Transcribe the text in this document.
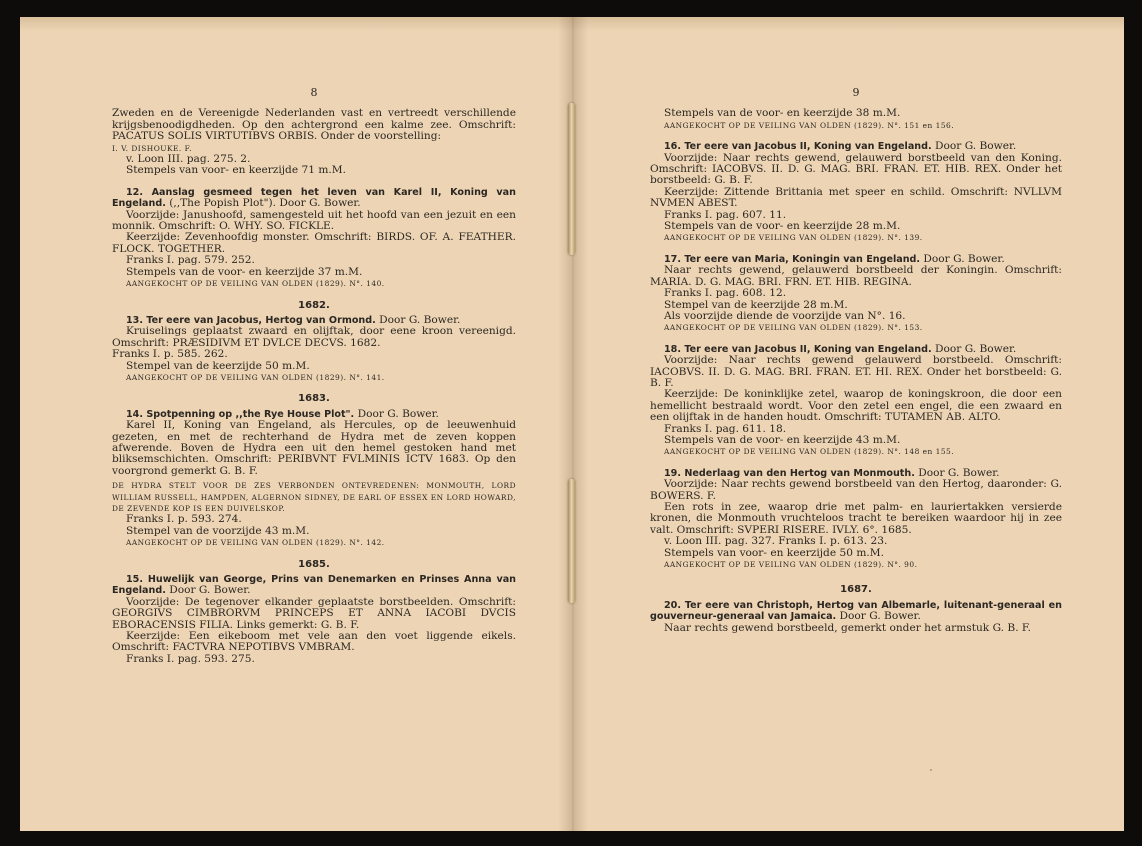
8

Zweden en de Vereenigde Nederlanden vast en vertreedt verschillende krijgsbenoodigdheden. Op den achtergrond een kalme zee. Omschrift: PACATUS SOLIS VIRTUTIBVS ORBIS. Onder de voorstelling:

I. V. DISHOUKE. F.

v. Loon III. pag. 275. 2.

Stempels van voor- en keerzijde 71 m.M.

12. Aanslag gesmeed tegen het leven van Karel II, Koning van Engeland. (,,The Popish Plot"). Door G. Bower.

Voorzijde: Janushoofd, samengesteld uit het hoofd van een jezuit en een monnik. Omschrift: O. WHY. SO. FICKLE.

Keerzijde: Zevenhoofdig monster. Omschrift: BIRDS. OF. A. FEATHER. FLOCK. TOGETHER.

Franks I. pag. 579. 252.

Stempels van de voor- en keerzijde 37 m.M.

AANGEKOCHT OP DE VEILING VAN OLDEN (1829). N°. 140.

1682.

13. Ter eere van Jacobus, Hertog van Ormond. Door G. Bower.

Kruiselings geplaatst zwaard en olijftak, door eene kroon vereenigd. Omschrift: PRÆSIDIVM ET DVLCE DECVS. 1682.

Franks I. p. 585. 262.

Stempel van de keerzijde 50 m.M.

AANGEKOCHT OP DE VEILING VAN OLDEN (1829). N°. 141.

1683.

14. Spotpenning op ,,the Rye House Plot". Door G. Bower.

Karel II, Koning van Engeland, als Hercules, op de leeuwenhuid gezeten, en met de rechterhand de Hydra met de zeven koppen afwerende. Boven de Hydra een uit den hemel gestoken hand met bliksemschichten. Omschrift: PERIBVNT FVLMINIS ICTV 1683. Op den voorgrond gemerkt G. B. F.

DE HYDRA STELT VOOR DE ZES VERBONDEN ONTEVREDENEN: MONMOUTH, LORD WILLIAM RUSSELL, HAMPDEN, ALGERNON SIDNEY, DE EARL OF ESSEX EN LORD HOWARD, DE ZEVENDE KOP IS EEN DUIVELSKOP.

Franks I. p. 593. 274.

Stempel van de voorzijde 43 m.M.

AANGEKOCHT OP DE VEILING VAN OLDEN (1829). N°. 142.

1685.

15. Huwelijk van George, Prins van Denemarken en Prinses Anna van Engeland. Door G. Bower.

Voorzijde: De tegenover elkander geplaatste borstbeelden. Omschrift: GEORGIVS CIMBRORVM PRINCEPS ET ANNA IACOBI DVCIS EBORACENSIS FILIA. Links gemerkt: G. B. F.

Keerzijde: Een eikeboom met vele aan den voet liggende eikels. Omschrift: FACTVRA NEPOTIBVS VMBRAM.

Franks I. pag. 593. 275.

9

Stempels van de voor- en keerzijde 38 m.M.

AANGEKOCHT OP DE VEILING VAN OLDEN (1829). N°. 151 en 156.

16. Ter eere van Jacobus II, Koning van Engeland. Door G. Bower.

Voorzijde: Naar rechts gewend, gelauwerd borstbeeld van den Koning. Omschrift: IACOBVS. II. D. G. MAG. BRI. FRAN. ET. HIB. REX. Onder het borstbeeld: G. B. F.

Keerzijde: Zittende Brittania met speer en schild. Omschrift: NVLLVM NVMEN ABEST.

Franks I. pag. 607. 11.

Stempels van de voor- en keerzijde 28 m.M.

AANGEKOCHT OP DE VEILING VAN OLDEN (1829). N°. 139.

17. Ter eere van Maria, Koningin van Engeland. Door G. Bower.

Naar rechts gewend, gelauwerd borstbeeld der Koningin. Omschrift: MARIA. D. G. MAG. BRI. FRN. ET. HIB. REGINA.

Franks I. pag. 608. 12.

Stempel van de keerzijde 28 m.M.

Als voorzijde diende de voorzijde van N°. 16.

AANGEKOCHT OP DE VEILING VAN OLDEN (1829). N°. 153.

18. Ter eere van Jacobus II, Koning van Engeland. Door G. Bower.

Voorzijde: Naar rechts gewend gelauwerd borstbeeld. Omschrift: IACOBVS. II. D. G. MAG. BRI. FRAN. ET. HI. REX. Onder het borstbeeld: G. B. F.

Keerzijde: De koninklijke zetel, waarop de koningskroon, die door een hemellicht bestraald wordt. Voor den zetel een engel, die een zwaard en een olijftak in de handen houdt. Omschrift: TUTAMEN AB. ALTO.

Franks I. pag. 611. 18.

Stempels van de voor- en keerzijde 43 m.M.

AANGEKOCHT OP DE VEILING VAN OLDEN (1829). N°. 148 en 155.

19. Nederlaag van den Hertog van Monmouth. Door G. Bower.

Voorzijde: Naar rechts gewend borstbeeld van den Hertog, daaronder: G. BOWERS. F.

Een rots in zee, waarop drie met palm- en lauriertakken versierde kronen, die Monmouth vruchteloos tracht te bereiken waardoor hij in zee valt. Omschrift: SVPERI RISERE. IVLY. 6°. 1685.

v. Loon III. pag. 327. Franks I. p. 613. 23.

Stempels van voor- en keerzijde 50 m.M.

AANGEKOCHT OP DE VEILING VAN OLDEN (1829). N°. 90.

1687.

20. Ter eere van Christoph, Hertog van Albemarle, luitenant-generaal en gouverneur-generaal van Jamaica. Door G. Bower.

Naar rechts gewend borstbeeld, gemerkt onder het armstuk G. B. F.
